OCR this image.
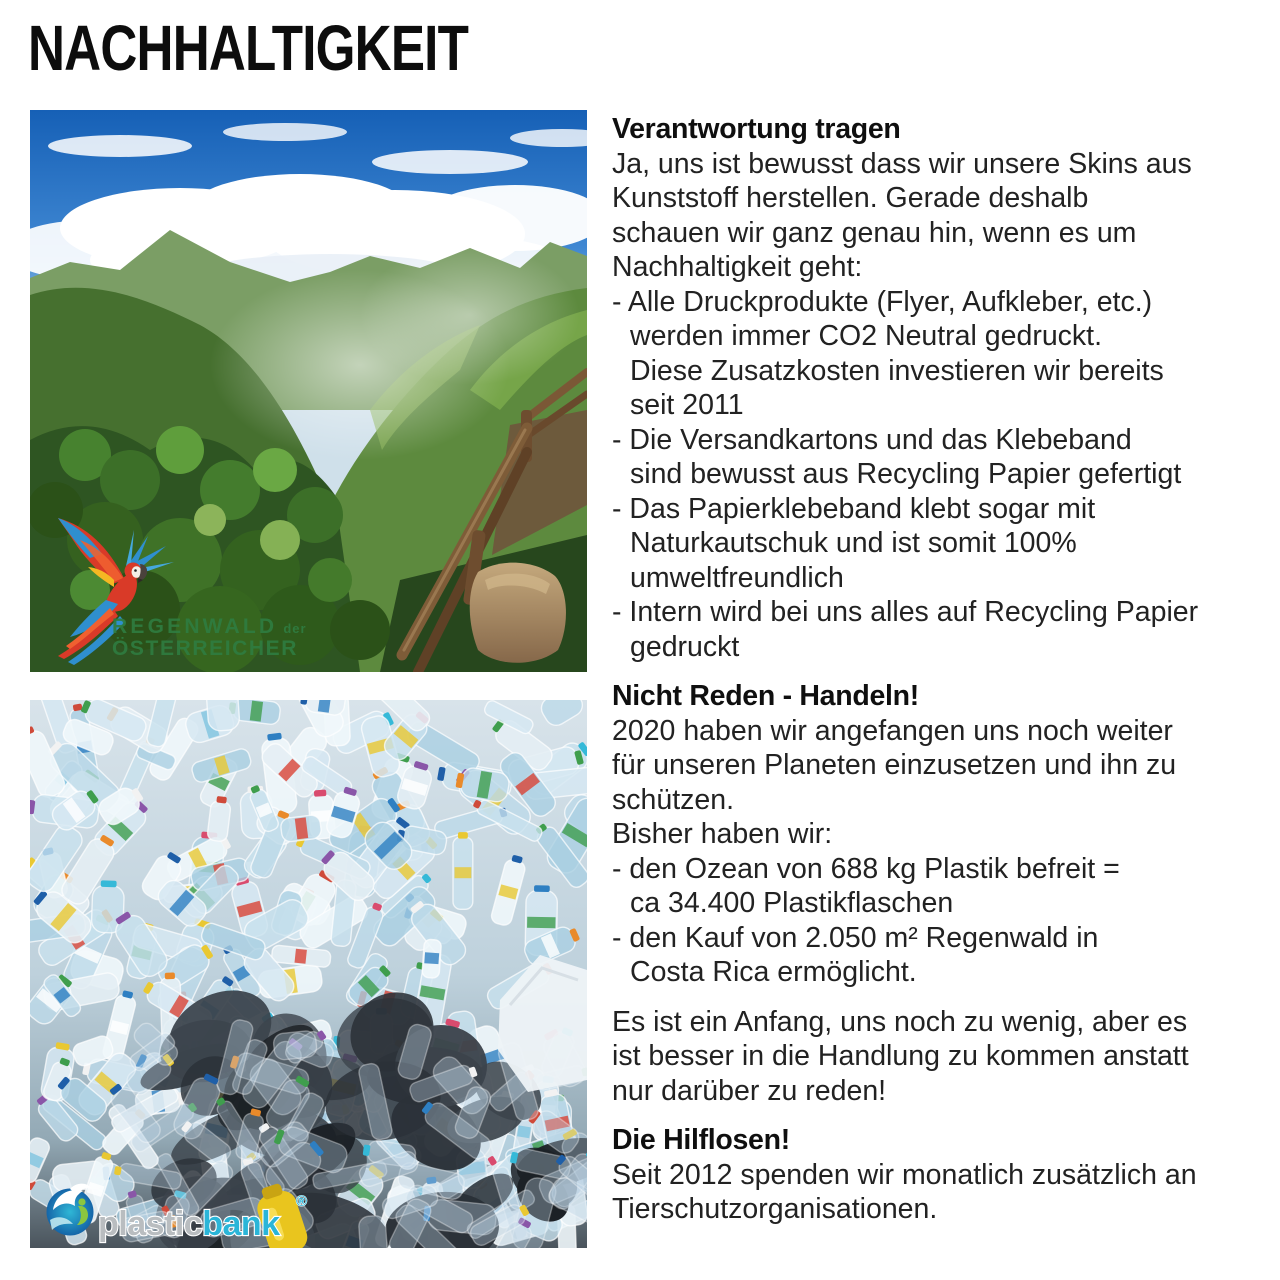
NACHHALTIGKEIT
REGENWALD der
ÖSTERREICHER
plasticbank
®
Verantwortung tragen
Ja, uns ist bewusst dass wir unsere Skins aus
Kunststoff herstellen. Gerade deshalb
schauen wir ganz genau hin, wenn es um
Nachhaltigkeit geht:
- Alle Druckprodukte (Flyer, Aufkleber, etc.)
werden immer CO2 Neutral gedruckt.
Diese Zusatzkosten investieren wir bereits
seit 2011
- Die Versandkartons und das Klebeband
sind bewusst aus Recycling Papier gefertigt
- Das Papierklebeband klebt sogar mit
Naturkautschuk und ist somit 100%
umweltfreundlich
- Intern wird bei uns alles auf Recycling Papier
gedruckt
Nicht Reden - Handeln!
2020 haben wir angefangen uns noch weiter
für unseren Planeten einzusetzen und ihn zu
schützen.
Bisher haben wir:
- den Ozean von 688 kg Plastik befreit =
ca 34.400 Plastikflaschen
- den Kauf von 2.050 m² Regenwald in
Costa Rica ermöglicht.
Es ist ein Anfang, uns noch zu wenig, aber es
ist besser in die Handlung zu kommen anstatt
nur darüber zu reden!
Die Hilflosen!
Seit 2012 spenden wir monatlich zusätzlich an
Tierschutzorganisationen.
